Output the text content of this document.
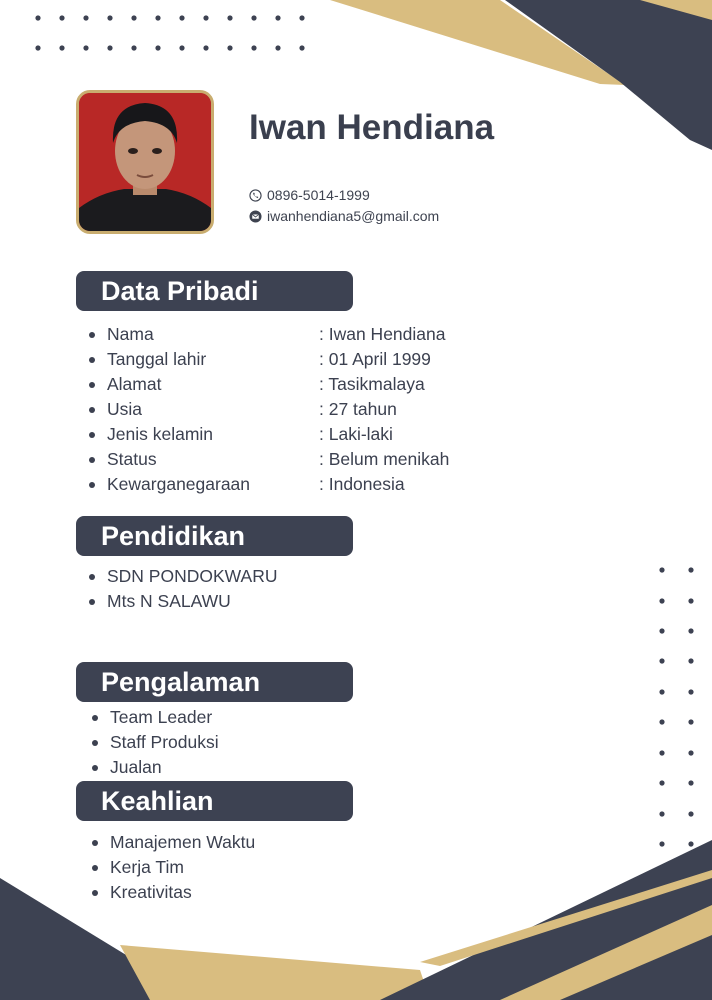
Iwan Hendiana
0896-5014-1999
iwanhendiana5@gmail.com
Data Pribadi
Nama	: Iwan Hendiana
Tanggal lahir	: 01 April 1999
Alamat	: Tasikmalaya
Usia	: 27 tahun
Jenis kelamin	: Laki-laki
Status	: Belum menikah
Kewarganegaraan	: Indonesia
Pendidikan
SDN PONDOKWARU
Mts N SALAWU
Pengalaman
Team Leader
Staff Produksi
Jualan
Keahlian
Manajemen Waktu
Kerja Tim
Kreativitas
